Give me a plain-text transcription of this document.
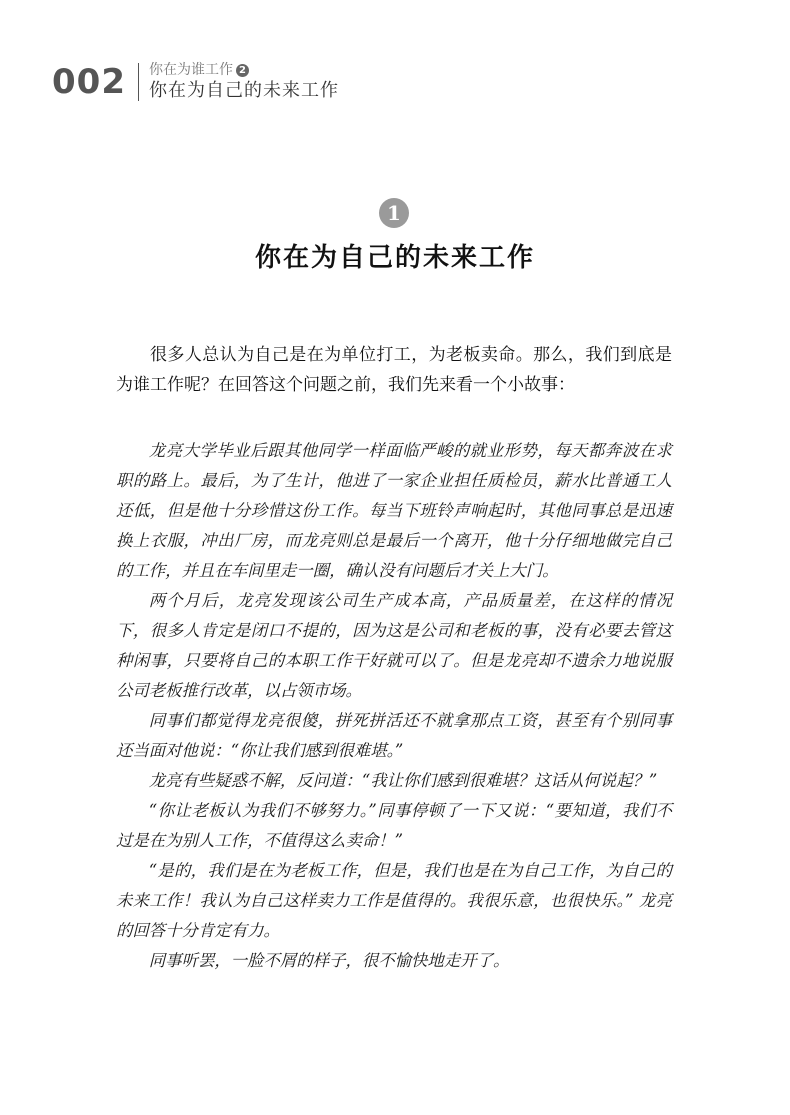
002 你在为谁工作 2
你在为自己的未来工作
1
你在为自己的未来工作

很多人总认为自己是在为单位打工，为老板卖命。那么，我们到底是为谁工作呢？在回答这个问题之前，我们先来看一个小故事：

龙亮大学毕业后跟其他同学一样面临严峻的就业形势，每天都奔波在求职的路上。最后，为了生计，他进了一家企业担任质检员，薪水比普通工人还低，但是他十分珍惜这份工作。每当下班铃声响起时，其他同事总是迅速换上衣服，冲出厂房，而龙亮则总是最后一个离开，他十分仔细地做完自己的工作，并且在车间里走一圈，确认没有问题后才关上大门。

两个月后，龙亮发现该公司生产成本高，产品质量差，在这样的情况下，很多人肯定是闭口不提的，因为这是公司和老板的事，没有必要去管这种闲事，只要将自己的本职工作干好就可以了。但是龙亮却不遗余力地说服公司老板推行改革，以占领市场。

同事们都觉得龙亮很傻，拼死拼活还不就拿那点工资，甚至有个别同事还当面对他说：“你让我们感到很难堪。”

龙亮有些疑惑不解，反问道：“我让你们感到很难堪？这话从何说起？”

“你让老板认为我们不够努力。”同事停顿了一下又说：“要知道，我们不过是在为别人工作，不值得这么卖命！”

“是的，我们是在为老板工作，但是，我们也是在为自己工作，为自己的未来工作！我认为自己这样卖力工作是值得的。我很乐意，也很快乐。” 龙亮的回答十分肯定有力。

同事听罢，一脸不屑的样子，很不愉快地走开了。
